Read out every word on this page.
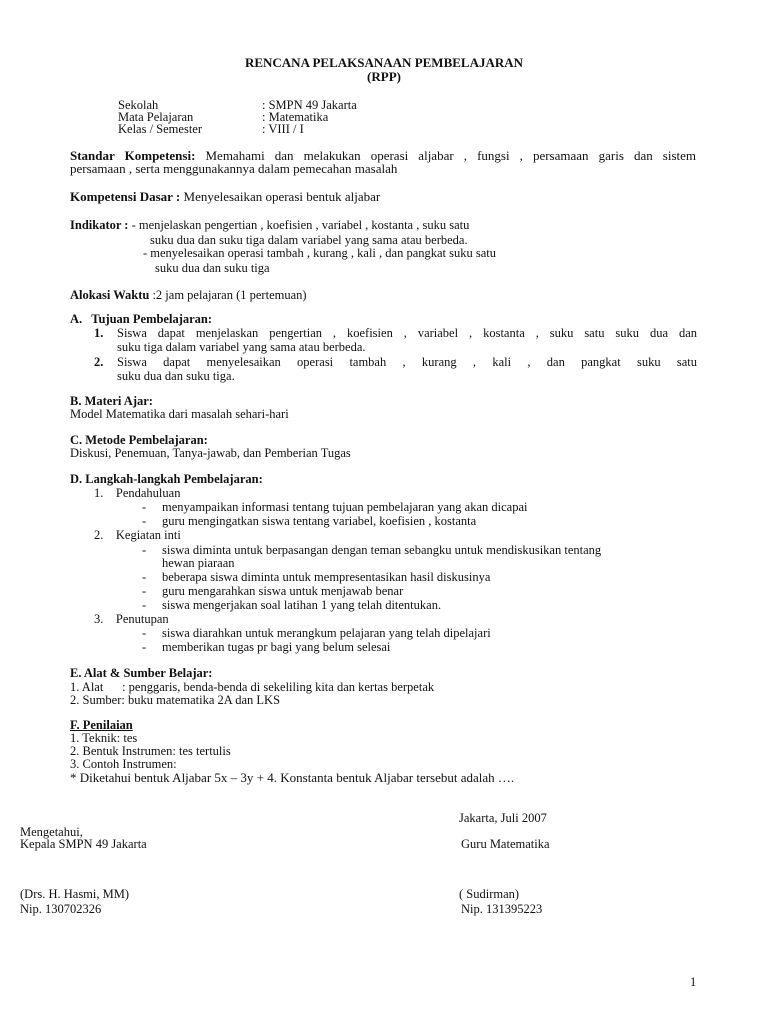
RENCANA PELAKSANAAN PEMBELAJARAN
(RPP)
Sekolah	: SMPN 49 Jakarta
Mata Pelajaran	: Matematika
Kelas / Semester	: VIII / I
Standar Kompetensi: Memahami dan melakukan operasi aljabar , fungsi , persamaan garis dan sistem
persamaan , serta menggunakannya dalam pemecahan masalah
Kompetensi Dasar : Menyelesaikan operasi bentuk aljabar
Indikator : - menjelaskan pengertian , koefisien , variabel , kostanta , suku satu
suku dua dan suku tiga dalam variabel yang sama atau berbeda.
- menyelesaikan operasi tambah , kurang , kali , dan pangkat suku satu
suku dua dan suku tiga
Alokasi Waktu :2 jam pelajaran (1 pertemuan)
A.   Tujuan Pembelajaran:
1. Siswa dapat menjelaskan pengertian , koefisien , variabel , kostanta , suku satu suku dua dan
suku tiga dalam variabel yang sama atau berbeda.
2. Siswa dapat menyelesaikan operasi tambah , kurang , kali , dan pangkat suku satu
suku dua dan suku tiga.
B. Materi Ajar:
Model Matematika dari masalah sehari-hari
C. Metode Pembelajaran:
Diskusi, Penemuan, Tanya-jawab, dan Pemberian Tugas
D. Langkah-langkah Pembelajaran:
1.    Pendahuluan
- menyampaikan informasi tentang tujuan pembelajaran yang akan dicapai
- guru mengingatkan siswa tentang variabel, koefisien , kostanta
2.    Kegiatan inti
- siswa diminta untuk berpasangan dengan teman sebangku untuk mendiskusikan tentang
hewan piaraan
- beberapa siswa diminta untuk mempresentasikan hasil diskusinya
- guru mengarahkan siswa untuk menjawab benar
- siswa mengerjakan soal latihan 1 yang telah ditentukan.
3.    Penutupan
- siswa diarahkan untuk merangkum pelajaran yang telah dipelajari
- memberikan tugas pr bagi yang belum selesai
E. Alat & Sumber Belajar:
1. Alat      : penggaris, benda-benda di sekeliling kita dan kertas berpetak
2. Sumber: buku matematika 2A dan LKS
F. Penilaian
1. Teknik: tes
2. Bentuk Instrumen: tes tertulis
3. Contoh Instrumen:
* Diketahui bentuk Aljabar 5x – 3y + 4. Konstanta bentuk Aljabar tersebut adalah ….
Jakarta, Juli 2007
Mengetahui,
Kepala SMPN 49 Jakarta	Guru Matematika
(Drs. H. Hasmi, MM)	( Sudirman)
Nip. 130702326	Nip. 131395223
1
